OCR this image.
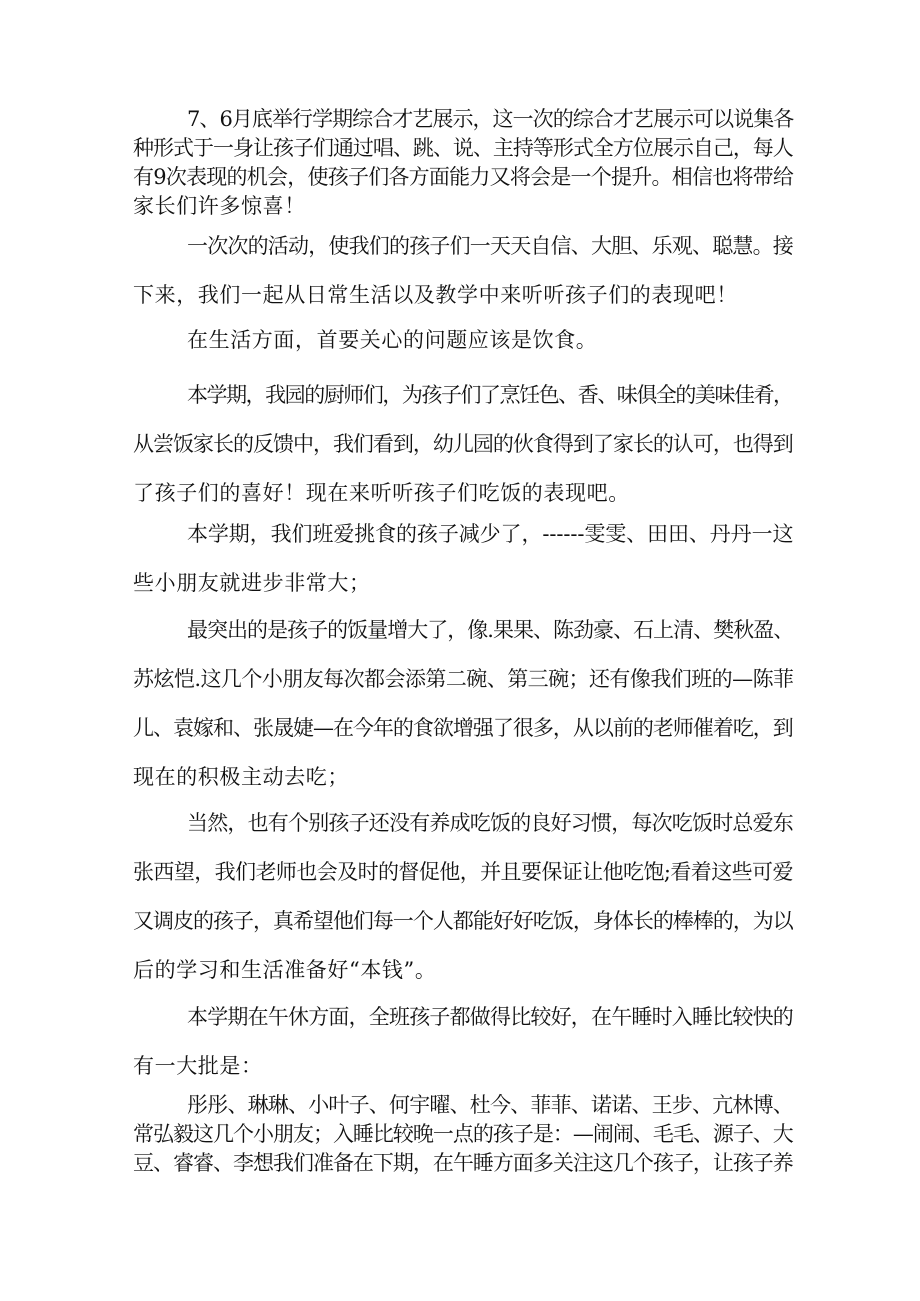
7、6月底举行学期综合才艺展示，这一次的综合才艺展示可以说集各
种形式于一身让孩子们通过唱、跳、说、主持等形式全方位展示自己，每人
有9次表现的机会，使孩子们各方面能力又将会是一个提升。相信也将带给
家长们许多惊喜！
一次次的活动，使我们的孩子们一天天自信、大胆、乐观、聪慧。接
下来，我们一起从日常生活以及教学中来听听孩子们的表现吧！
在生活方面，首要关心的问题应该是饮食。
本学期，我园的厨师们，为孩子们了烹饪色、香、味俱全的美味佳肴，
从尝饭家长的反馈中，我们看到，幼儿园的伙食得到了家长的认可，也得到
了孩子们的喜好！现在来听听孩子们吃饭的表现吧。
本学期，我们班爱挑食的孩子减少了，------雯雯、田田、丹丹一这
些小朋友就进步非常大；
最突出的是孩子的饭量增大了，像.果果、陈劲豪、石上清、樊秋盈、
苏炫恺.这几个小朋友每次都会添第二碗、第三碗；还有像我们班的—陈菲
儿、袁嫁和、张晟婕—在今年的食欲增强了很多，从以前的老师催着吃，到
现在的积极主动去吃；
当然，也有个别孩子还没有养成吃饭的良好习惯，每次吃饭时总爱东
张西望，我们老师也会及时的督促他，并且要保证让他吃饱;看着这些可爱
又调皮的孩子，真希望他们每一个人都能好好吃饭，身体长的棒棒的，为以
后的学习和生活准备好“本钱”。
本学期在午休方面，全班孩子都做得比较好，在午睡时入睡比较快的
有一大批是：
彤彤、琳琳、小叶子、何宇曜、杜今、菲菲、诺诺、王步、亢林博、
常弘毅这几个小朋友；入睡比较晚一点的孩子是：—闹闹、毛毛、源子、大
豆、睿睿、李想我们准备在下期，在午睡方面多关注这几个孩子，让孩子养
